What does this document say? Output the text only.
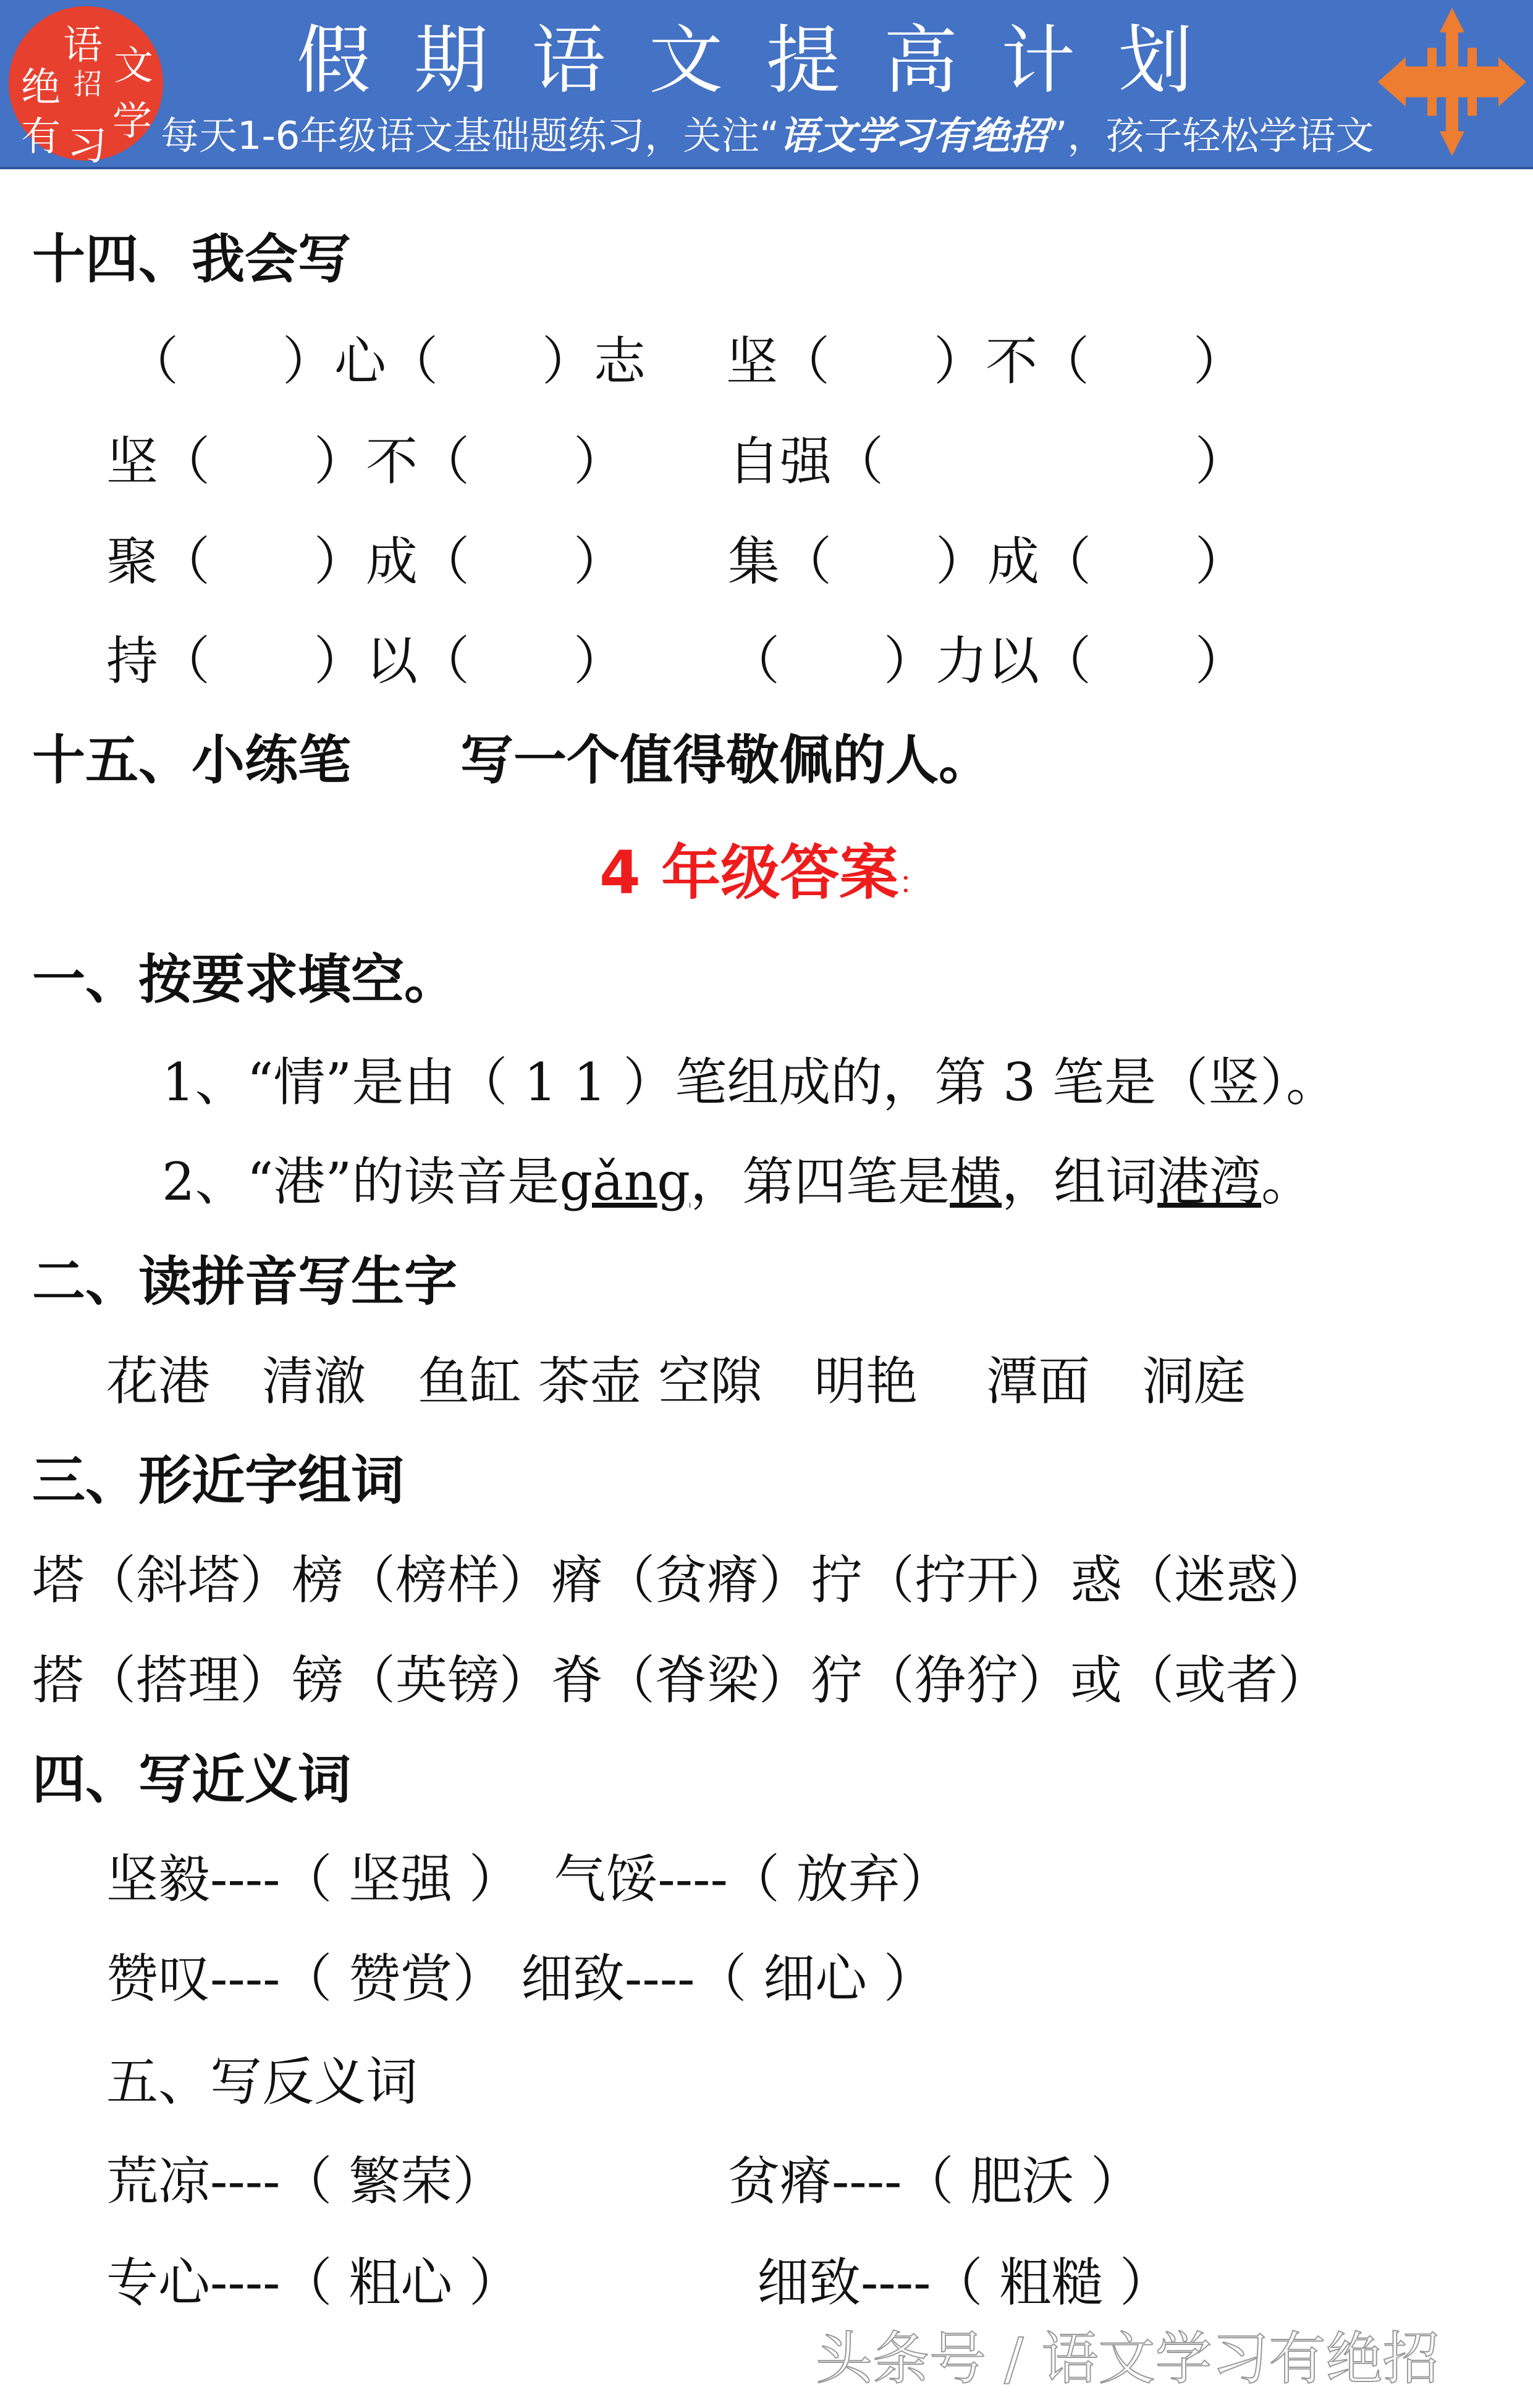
绝
语 文
招
有 习
学
假期语文提高计划
每天1-6年级语文基础题练习，关注“语文学习有绝招”，孩子轻松学语文
十四、我会写
（　　）心（　　）志 坚（　　）不（　　）
坚（　　）不（　　） 自强（　　　　　　）
聚（　　）成（　　） 集（　　）成（　　）
持（　　）以（　　） （　　）力以（　　）
十五、小练笔 写一个值得敬佩的人。
4 年级答案：
一、按要求填空。
1、“情”是由（ 1 1 ）笔组成的，第 3 笔是（竖）。
2、“港”的读音是gǎng，第四笔是横，组词港湾。
二、读拼音写生字
花港　清澈　鱼缸 茶壶 空隙　明艳　 潭面　洞庭
三、形近字组词
塔（斜塔）榜（榜样）瘠（贫瘠）拧（拧开）惑（迷惑）
搭（搭理）镑（英镑）脊（脊梁）狞（狰狞）或（或者）
四、写近义词
坚毅----（ 坚强 ）  气馁----（ 放弃）
赞叹----（ 赞赏） 细致----（ 细心 ）
五、写反义词
荒凉----（ 繁荣）	贫瘠----（ 肥沃 ）
专心----（ 粗心 ）	细致----（ 粗糙 ）
头条号 / 语文学习有绝招
